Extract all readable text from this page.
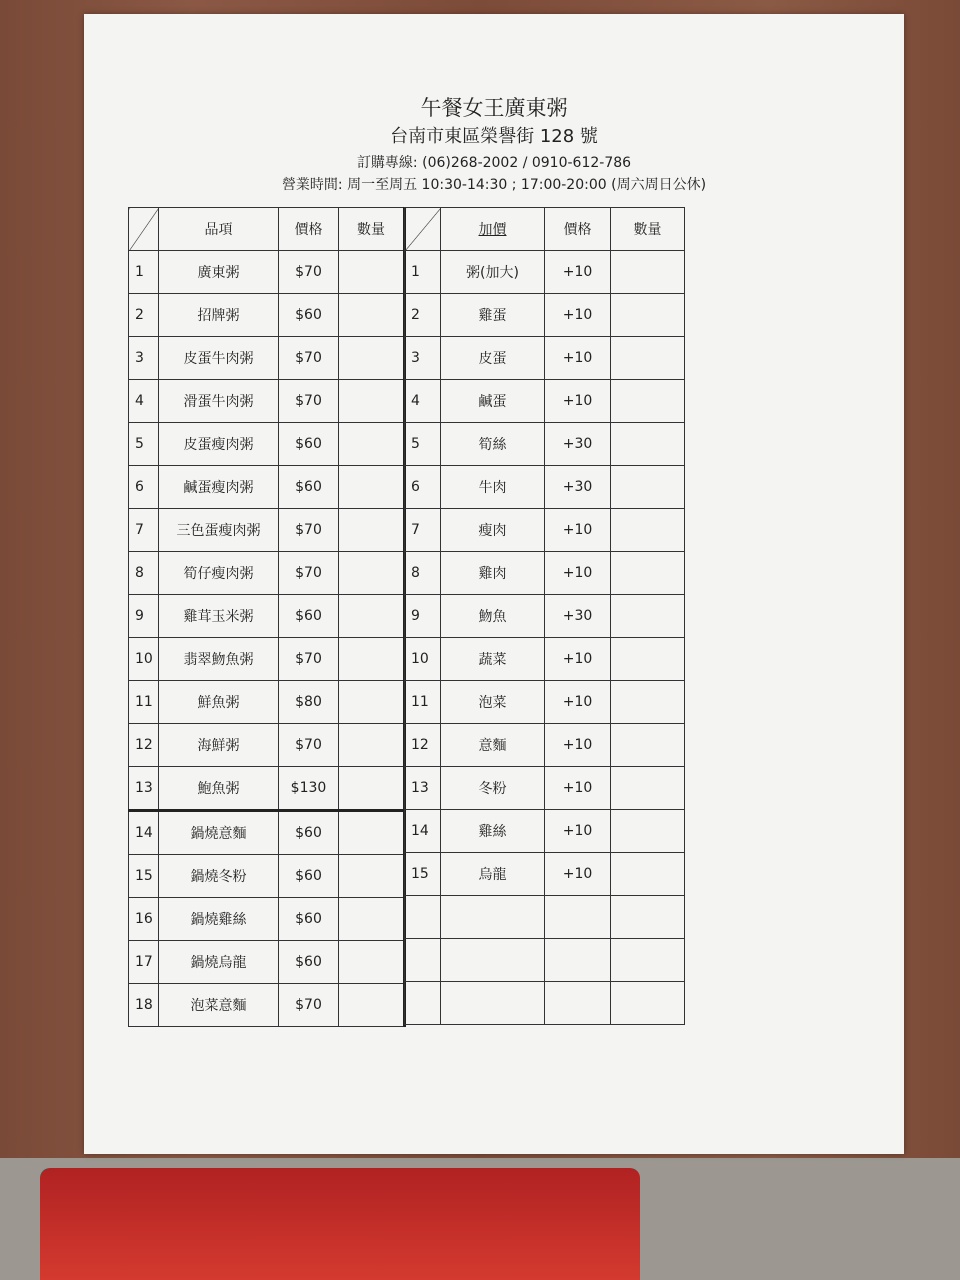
午餐女王廣東粥
台南市東區榮譽街 128 號
訂購專線: (06)268-2002 / 0910-612-786
營業時間: 周一至周五 10:30-14:30 ; 17:00-20:00 (周六周日公休)
	品項	價格	數量
1	廣東粥	$70	
2	招牌粥	$60	
3	皮蛋牛肉粥	$70	
4	滑蛋牛肉粥	$70	
5	皮蛋瘦肉粥	$60	
6	鹹蛋瘦肉粥	$60	
7	三色蛋瘦肉粥	$70	
8	筍仔瘦肉粥	$70	
9	雞茸玉米粥	$60	
10	翡翠魩魚粥	$70	
11	鮮魚粥	$80	
12	海鮮粥	$70	
13	鮑魚粥	$130	
14	鍋燒意麵	$60	
15	鍋燒冬粉	$60	
16	鍋燒雞絲	$60	
17	鍋燒烏龍	$60	
18	泡菜意麵	$70	
	加價	價格	數量
1	粥(加大)	+10	
2	雞蛋	+10	
3	皮蛋	+10	
4	鹹蛋	+10	
5	筍絲	+30	
6	牛肉	+30	
7	瘦肉	+10	
8	雞肉	+10	
9	魩魚	+30	
10	蔬菜	+10	
11	泡菜	+10	
12	意麵	+10	
13	冬粉	+10	
14	雞絲	+10	
15	烏龍	+10	
